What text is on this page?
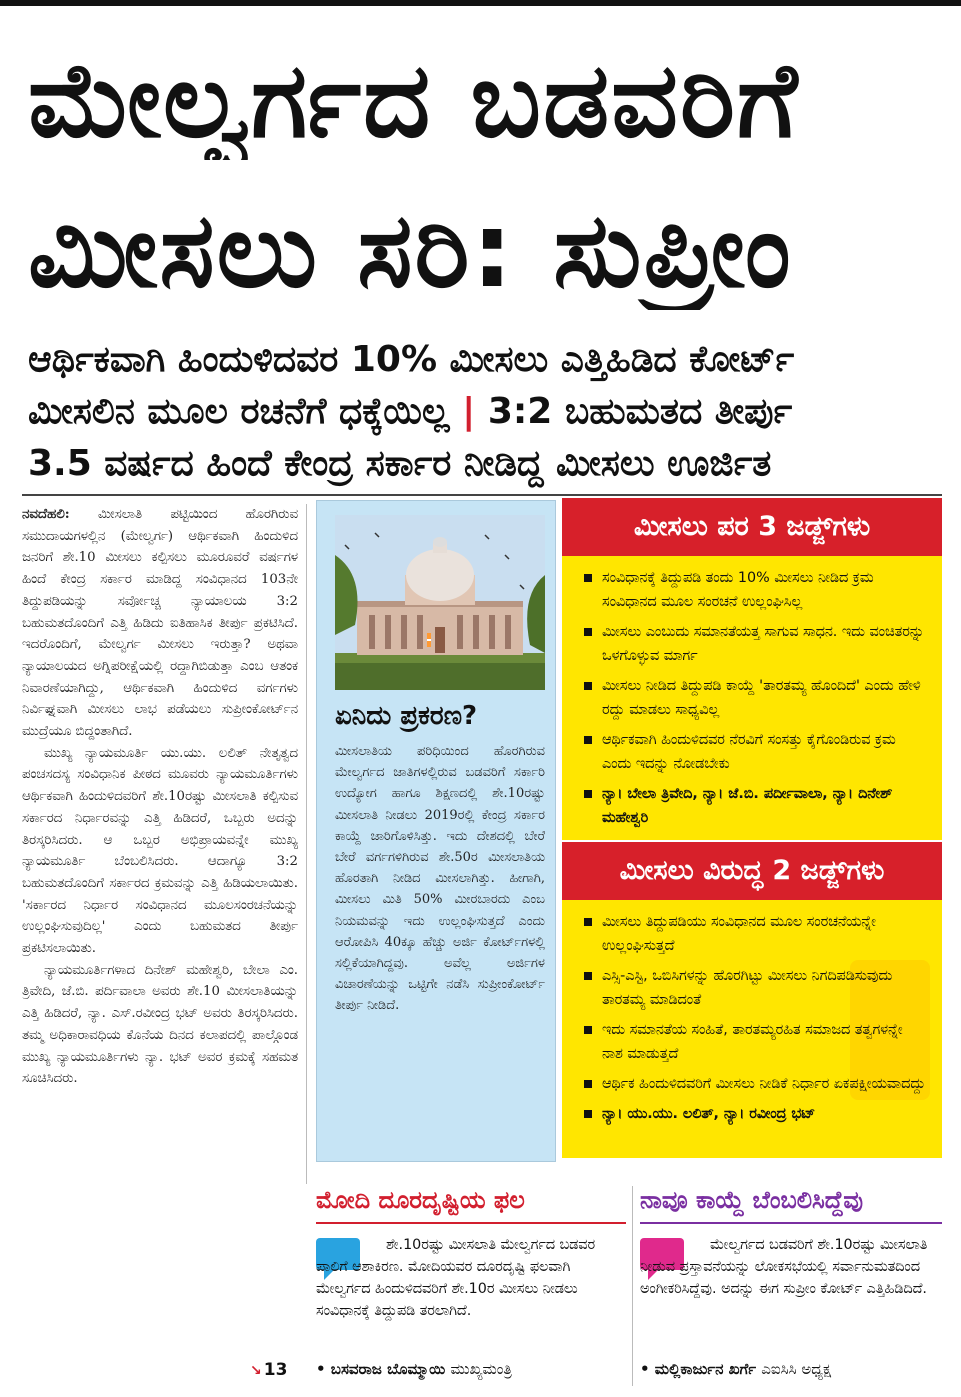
ಮೇಲ್ವರ್ಗದ ಬಡವರಿಗೆ
ಮೀಸಲು ಸರಿ: ಸುಪ್ರೀಂ
ಆರ್ಥಿಕವಾಗಿ ಹಿಂದುಳಿದವರ 10% ಮೀಸಲು ಎತ್ತಿಹಿಡಿದ ಕೋರ್ಟ್
ಮೀಸಲಿನ ಮೂಲ ರಚನೆಗೆ ಧಕ್ಕೆಯಿಲ್ಲ | 3:2 ಬಹುಮತದ ತೀರ್ಪು
3.5 ವರ್ಷದ ಹಿಂದೆ ಕೇಂದ್ರ ಸರ್ಕಾರ ನೀಡಿದ್ದ ಮೀಸಲು ಊರ್ಜಿತ

ನವದೆಹಲಿ: ಮೀಸಲಾತಿ ಪಟ್ಟಿಯಿಂದ ಹೊರಗಿರುವ ಸಮುದಾಯಗಳಲ್ಲಿನ (ಮೇಲ್ವರ್ಗ) ಆರ್ಥಿಕವಾಗಿ ಹಿಂದುಳಿದ ಜನರಿಗೆ ಶೇ.10 ಮೀಸಲು ಕಲ್ಪಿಸಲು ಮೂರೂವರೆ ವರ್ಷಗಳ ಹಿಂದೆ ಕೇಂದ್ರ ಸರ್ಕಾರ ಮಾಡಿದ್ದ ಸಂವಿಧಾನದ 103ನೇ ತಿದ್ದುಪಡಿಯನ್ನು ಸರ್ವೋಚ್ಚ ನ್ಯಾಯಾಲಯ 3:2 ಬಹುಮತದೊಂದಿಗೆ ಎತ್ತಿ ಹಿಡಿದು ಐತಿಹಾಸಿಕ ತೀರ್ಪು ಪ್ರಕಟಿಸಿದೆ. ಇದರೊಂದಿಗೆ, ಮೇಲ್ವರ್ಗ ಮೀಸಲು ಇರುತ್ತಾ? ಅಥವಾ ನ್ಯಾಯಾಲಯದ ಅಗ್ನಿಪರೀಕ್ಷೆಯಲ್ಲಿ ರದ್ದಾಗಿಬಿಡುತ್ತಾ ಎಂಬ ಆತಂಕ ನಿವಾರಣೆಯಾಗಿದ್ದು, ಆರ್ಥಿಕವಾಗಿ ಹಿಂದುಳಿದ ವರ್ಗಗಳು ನಿರ್ವಿಘ್ನವಾಗಿ ಮೀಸಲು ಲಾಭ ಪಡೆಯಲು ಸುಪ್ರೀಂಕೋರ್ಟ್‌ನ ಮುದ್ರೆಯೂ ಬಿದ್ದಂತಾಗಿದೆ.

ಮುಖ್ಯ ನ್ಯಾಯಮೂರ್ತಿ ಯು.ಯು. ಲಲಿತ್ ನೇತೃತ್ವದ ಪಂಚಸದಸ್ಯ ಸಂವಿಧಾನಿಕ ಪೀಠದ ಮೂವರು ನ್ಯಾಯಮೂರ್ತಿಗಳು ಆರ್ಥಿಕವಾಗಿ ಹಿಂದುಳಿದವರಿಗೆ ಶೇ.10ರಷ್ಟು ಮೀಸಲಾತಿ ಕಲ್ಪಿಸುವ ಸರ್ಕಾರದ ನಿರ್ಧಾರವನ್ನು ಎತ್ತಿ ಹಿಡಿದರೆ, ಒಬ್ಬರು ಅದನ್ನು ತಿರಸ್ಕರಿಸಿದರು. ಆ ಒಬ್ಬರ ಅಭಿಪ್ರಾಯವನ್ನೇ ಮುಖ್ಯ ನ್ಯಾಯಮೂರ್ತಿ ಬೆಂಬಲಿಸಿದರು. ಆದಾಗ್ಯೂ 3:2 ಬಹುಮತದೊಂದಿಗೆ ಸರ್ಕಾರದ ಕ್ರಮವನ್ನು ಎತ್ತಿ ಹಿಡಿಯಲಾಯಿತು. 'ಸರ್ಕಾರದ ನಿರ್ಧಾರ ಸಂವಿಧಾನದ ಮೂಲಸಂರಚನೆಯನ್ನು ಉಲ್ಲಂಘಿಸುವುದಿಲ್ಲ' ಎಂದು ಬಹುಮತದ ತೀರ್ಪು ಪ್ರಕಟಿಸಲಾಯಿತು.

ನ್ಯಾಯಮೂರ್ತಿಗಳಾದ ದಿನೇಶ್ ಮಹೇಶ್ವರಿ, ಬೇಲಾ ಎಂ. ತ್ರಿವೇದಿ, ಜೆ.ಬಿ. ಪರ್ದಿವಾಲಾ ಅವರು ಶೇ.10 ಮೀಸಲಾತಿಯನ್ನು ಎತ್ತಿ ಹಿಡಿದರೆ, ನ್ಯಾ. ಎಸ್.ರವೀಂದ್ರ ಭಟ್ ಅವರು ತಿರಸ್ಕರಿಸಿದರು. ತಮ್ಮ ಅಧಿಕಾರಾವಧಿಯ ಕೊನೆಯ ದಿನದ ಕಲಾಪದಲ್ಲಿ ಪಾಲ್ಗೊಂಡ ಮುಖ್ಯ ನ್ಯಾಯಮೂರ್ತಿಗಳು ನ್ಯಾ. ಭಟ್ ಅವರ ಕ್ರಮಕ್ಕೆ ಸಹಮತ ಸೂಚಿಸಿದರು.

↘ 13
ಏನಿದು ಪ್ರಕರಣ?
ಮೀಸಲಾತಿಯ ಪರಿಧಿಯಿಂದ ಹೊರಗಿರುವ ಮೇಲ್ವರ್ಗದ ಜಾತಿಗಳಲ್ಲಿರುವ ಬಡವರಿಗೆ ಸರ್ಕಾರಿ ಉದ್ಯೋಗ ಹಾಗೂ ಶಿಕ್ಷಣದಲ್ಲಿ ಶೇ.10ರಷ್ಟು ಮೀಸಲಾತಿ ನೀಡಲು 2019ರಲ್ಲಿ ಕೇಂದ್ರ ಸರ್ಕಾರ ಕಾಯ್ದೆ ಜಾರಿಗೊಳಿಸಿತ್ತು. ಇದು ದೇಶದಲ್ಲಿ ಬೇರೆ ಬೇರೆ ವರ್ಗಗಳಿಗಿರುವ ಶೇ.50ರ ಮೀಸಲಾತಿಯ ಹೊರತಾಗಿ ನೀಡಿದ ಮೀಸಲಾಗಿತ್ತು. ಹೀಗಾಗಿ, ಮೀಸಲು ಮಿತಿ 50% ಮೀರಬಾರದು ಎಂಬ ನಿಯಮವನ್ನು ಇದು ಉಲ್ಲಂಘಿಸುತ್ತದೆ ಎಂದು ಆರೋಪಿಸಿ 40ಕ್ಕೂ ಹೆಚ್ಚು ಅರ್ಜಿ ಕೋರ್ಟ್‌ಗಳಲ್ಲಿ ಸಲ್ಲಿಕೆಯಾಗಿದ್ದವು. ಅವೆಲ್ಲ ಅರ್ಜಿಗಳ ವಿಚಾರಣೆಯನ್ನು ಒಟ್ಟಿಗೇ ನಡೆಸಿ ಸುಪ್ರೀಂಕೋರ್ಟ್ ತೀರ್ಪು ನೀಡಿದೆ.
ಮೀಸಲು ಪರ 3 ಜಡ್ಜ್‌ಗಳು
ಸಂವಿಧಾನಕ್ಕೆ ತಿದ್ದುಪಡಿ ತಂದು 10% ಮೀಸಲು ನೀಡಿದ ಕ್ರಮ ಸಂವಿಧಾನದ ಮೂಲ ಸಂರಚನೆ ಉಲ್ಲಂಘಿಸಿಲ್ಲ
ಮೀಸಲು ಎಂಬುದು ಸಮಾನತೆಯತ್ತ ಸಾಗುವ ಸಾಧನ. ಇದು ವಂಚಿತರನ್ನು ಒಳಗೊಳ್ಳುವ ಮಾರ್ಗ
ಮೀಸಲು ನೀಡಿದ ತಿದ್ದುಪಡಿ ಕಾಯ್ದೆ 'ತಾರತಮ್ಯ ಹೊಂದಿದೆ' ಎಂದು ಹೇಳಿ ರದ್ದು ಮಾಡಲು ಸಾಧ್ಯವಿಲ್ಲ
ಆರ್ಥಿಕವಾಗಿ ಹಿಂದುಳಿದವರ ನೆರವಿಗೆ ಸಂಸತ್ತು ಕೈಗೊಂಡಿರುವ ಕ್ರಮ ಎಂದು ಇದನ್ನು ನೋಡಬೇಕು
ನ್ಯಾ। ಬೇಲಾ ತ್ರಿವೇದಿ, ನ್ಯಾ। ಜೆ.ಬಿ. ಪರ್ದೀವಾಲಾ, ನ್ಯಾ। ದಿನೇಶ್ ಮಹೇಶ್ವರಿ
ಮೀಸಲು ವಿರುದ್ಧ 2 ಜಡ್ಜ್‌ಗಳು
ಮೀಸಲು ತಿದ್ದುಪಡಿಯು ಸಂವಿಧಾನದ ಮೂಲ ಸಂರಚನೆಯನ್ನೇ ಉಲ್ಲಂಘಿಸುತ್ತದೆ
ಎಸ್ಸಿ-ಎಸ್ಟಿ, ಒಬಿಸಿಗಳನ್ನು ಹೊರಗಿಟ್ಟು ಮೀಸಲು ನಿಗದಿಪಡಿಸುವುದು ತಾರತಮ್ಯ ಮಾಡಿದಂತೆ
ಇದು ಸಮಾನತೆಯ ಸಂಹಿತೆ, ತಾರತಮ್ಯರಹಿತ ಸಮಾಜದ ತತ್ವಗಳನ್ನೇ ನಾಶ ಮಾಡುತ್ತದೆ
ಆರ್ಥಿಕ ಹಿಂದುಳಿದವರಿಗೆ ಮೀಸಲು ನೀಡಿಕೆ ನಿರ್ಧಾರ ಏಕಪಕ್ಷೀಯವಾದದ್ದು
ನ್ಯಾ। ಯು.ಯು. ಲಲಿತ್, ನ್ಯಾ। ರವೀಂದ್ರ ಭಟ್
ಮೋದಿ ದೂರದೃಷ್ಟಿಯ ಫಲ
ಶೇ.10ರಷ್ಟು ಮೀಸಲಾತಿ ಮೇಲ್ವರ್ಗದ ಬಡವರ ಪಾಲಿಗೆ ಆಶಾಕಿರಣ. ಮೋದಿಯವರ ದೂರದೃಷ್ಟಿ ಫಲವಾಗಿ ಮೇಲ್ವರ್ಗದ ಹಿಂದುಳಿದವರಿಗೆ ಶೇ.10ರ ಮೀಸಲು ನೀಡಲು ಸಂವಿಧಾನಕ್ಕೆ ತಿದ್ದುಪಡಿ ತರಲಾಗಿದೆ.
• ಬಸವರಾಜ ಬೊಮ್ಮಾಯಿ ಮುಖ್ಯಮಂತ್ರಿ
ನಾವೂ ಕಾಯ್ದೆ ಬೆಂಬಲಿಸಿದ್ದೆವು
ಮೇಲ್ವರ್ಗದ ಬಡವರಿಗೆ ಶೇ.10ರಷ್ಟು ಮೀಸಲಾತಿ ನೀಡುವ ಪ್ರಸ್ತಾವನೆಯನ್ನು ಲೋಕಸಭೆಯಲ್ಲಿ ಸರ್ವಾನುಮತದಿಂದ ಅಂಗೀಕರಿಸಿದ್ದೆವು. ಅದನ್ನು ಈಗ ಸುಪ್ರೀಂ ಕೋರ್ಟ್ ಎತ್ತಿಹಿಡಿದಿದೆ.
• ಮಲ್ಲಿಕಾರ್ಜುನ ಖರ್ಗೆ ಎಐಸಿಸಿ ಅಧ್ಯಕ್ಷ
